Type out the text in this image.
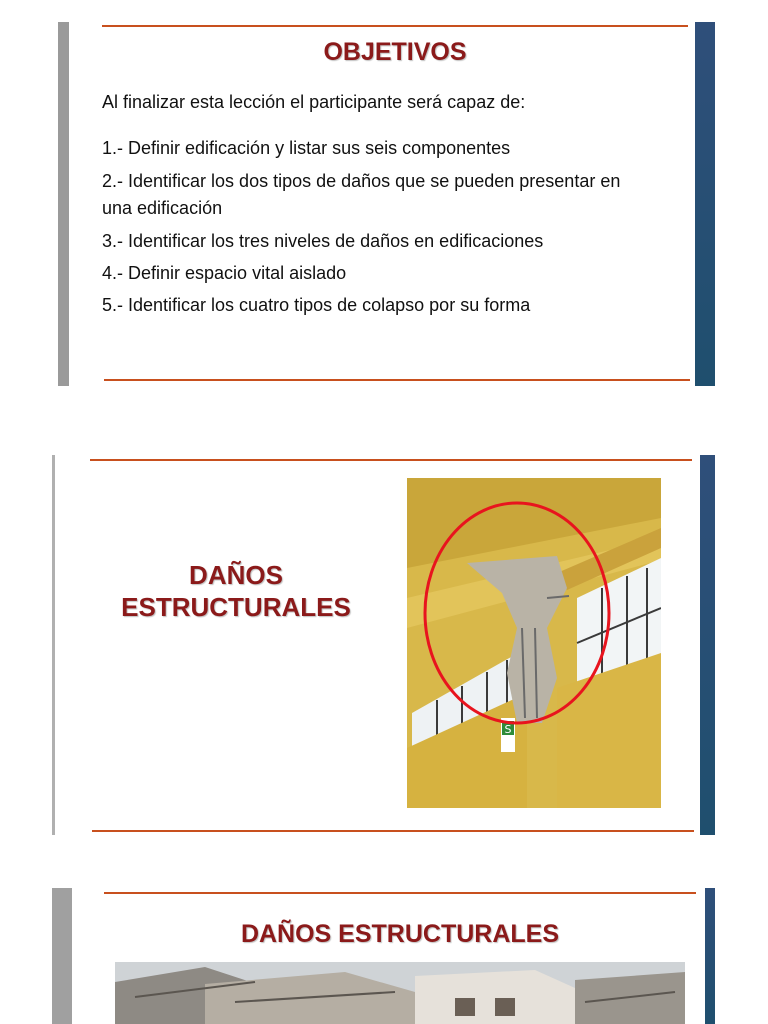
OBJETIVOS
Al finalizar esta lección el participante será capaz de:
1.- Definir edificación y listar sus seis componentes
2.- Identificar los dos tipos de daños que se pueden presentar en una edificación
3.- Identificar los tres niveles de daños en edificaciones
4.- Definir espacio vital aislado
5.- Identificar los cuatro tipos de colapso por su forma
DAÑOS
ESTRUCTURALES
S
DAÑOS ESTRUCTURALES
